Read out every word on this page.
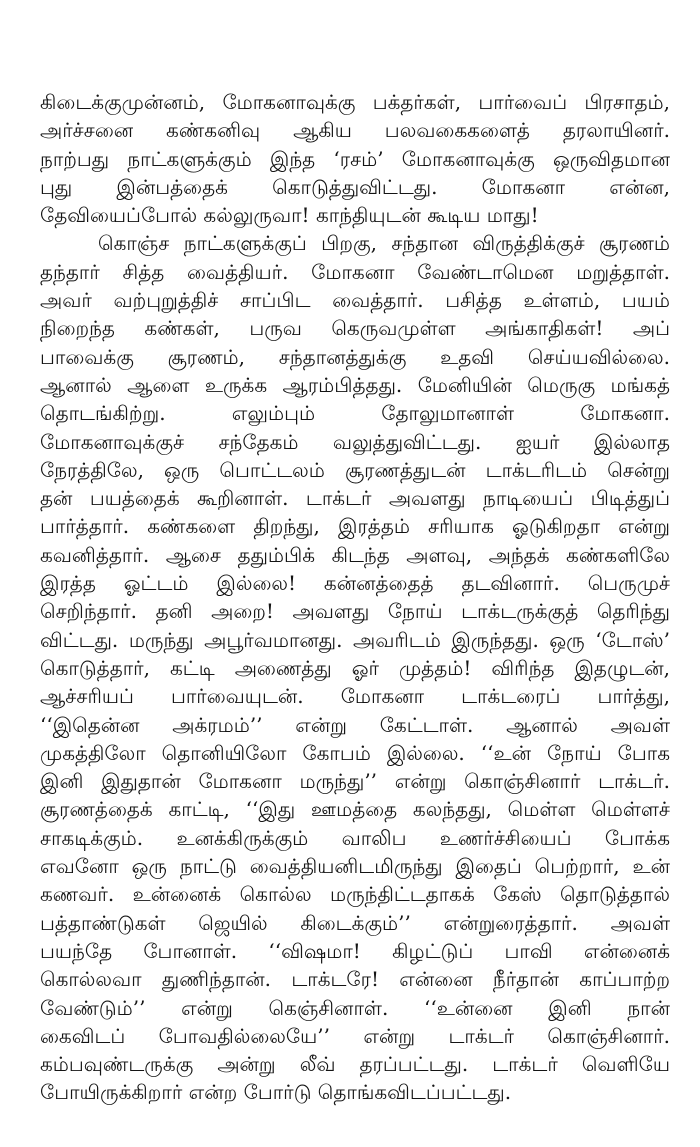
கிடைக்குமுன்னம், மோகனாவுக்கு பக்தர்கள், பார்வைப் பிரசாதம்,
அர்ச்சனை கண்கனிவு ஆகிய பலவகைகளைத் தரலாயினர்.
நாற்பது நாட்களுக்கும் இந்த ‘ரசம்’ மோகனாவுக்கு ஒருவிதமான
புது இன்பத்தைக் கொடுத்துவிட்டது. மோகனா என்ன,
தேவியைப்போல் கல்லுருவா! காந்தியுடன் கூடிய மாது!
கொஞ்ச நாட்களுக்குப் பிறகு, சந்தான விருத்திக்குச் சூரணம்
தந்தார் சித்த வைத்தியர். மோகனா வேண்டாமென மறுத்தாள்.
அவர் வற்புறுத்திச் சாப்பிட வைத்தார். பசித்த உள்ளம், பயம்
நிறைந்த கண்கள், பருவ கெருவமுள்ள அங்காதிகள்! அப்
பாவைக்கு சூரணம், சந்தானத்துக்கு உதவி செய்யவில்லை.
ஆனால் ஆளை உருக்க ஆரம்பித்தது. மேனியின் மெருகு மங்கத்
தொடங்கிற்று. எலும்பும் தோலுமானாள் மோகனா.
மோகனாவுக்குச் சந்தேகம் வலுத்துவிட்டது. ஐயர் இல்லாத
நேரத்திலே, ஒரு பொட்டலம் சூரணத்துடன் டாக்டரிடம் சென்று
தன் பயத்தைக் கூறினாள். டாக்டர் அவளது நாடியைப் பிடித்துப்
பார்த்தார். கண்களை திறந்து, இரத்தம் சரியாக ஓடுகிறதா என்று
கவனித்தார். ஆசை ததும்பிக் கிடந்த அளவு, அந்தக் கண்களிலே
இரத்த ஓட்டம் இல்லை! கன்னத்தைத் தடவினார். பெருமுச்
செறிந்தார். தனி அறை! அவளது நோய் டாக்டருக்குத் தெரிந்து
விட்டது. மருந்து அபூர்வமானது. அவரிடம் இருந்தது. ஒரு ‘டோஸ்’
கொடுத்தார், கட்டி அணைத்து ஓர் முத்தம்! விரிந்த இதழுடன்,
ஆச்சரியப் பார்வையுடன். மோகனா டாக்டரைப் பார்த்து,
‘‘இதென்ன அக்ரமம்’’ என்று கேட்டாள். ஆனால் அவள்
முகத்திலோ தொனியிலோ கோபம் இல்லை. ‘‘உன் நோய் போக
இனி இதுதான் மோகனா மருந்து’’ என்று கொஞ்சினார் டாக்டர்.
சூரணத்தைக் காட்டி, ‘‘இது ஊமத்தை கலந்தது, மெள்ள மெள்ளச்
சாகடிக்கும். உனக்கிருக்கும் வாலிப உணர்ச்சியைப் போக்க
எவனோ ஒரு நாட்டு வைத்தியனிடமிருந்து இதைப் பெற்றார், உன்
கணவர். உன்னைக் கொல்ல மருந்திட்டதாகக் கேஸ் தொடுத்தால்
பத்தாண்டுகள் ஜெயில் கிடைக்கும்’’ என்றுரைத்தார். அவள்
பயந்தே போனாள். ‘‘விஷமா! கிழட்டுப் பாவி என்னைக்
கொல்லவா துணிந்தான். டாக்டரே! என்னை நீர்தான் காப்பாற்ற
வேண்டும்’’ என்று கெஞ்சினாள். ‘‘உன்னை இனி நான்
கைவிடப் போவதில்லையே’’ என்று டாக்டர் கொஞ்சினார்.
கம்பவுண்டருக்கு அன்று லீவ் தரப்பட்டது. டாக்டர் வெளியே
போயிருக்கிறார் என்ற போர்டு தொங்கவிடப்பட்டது.
